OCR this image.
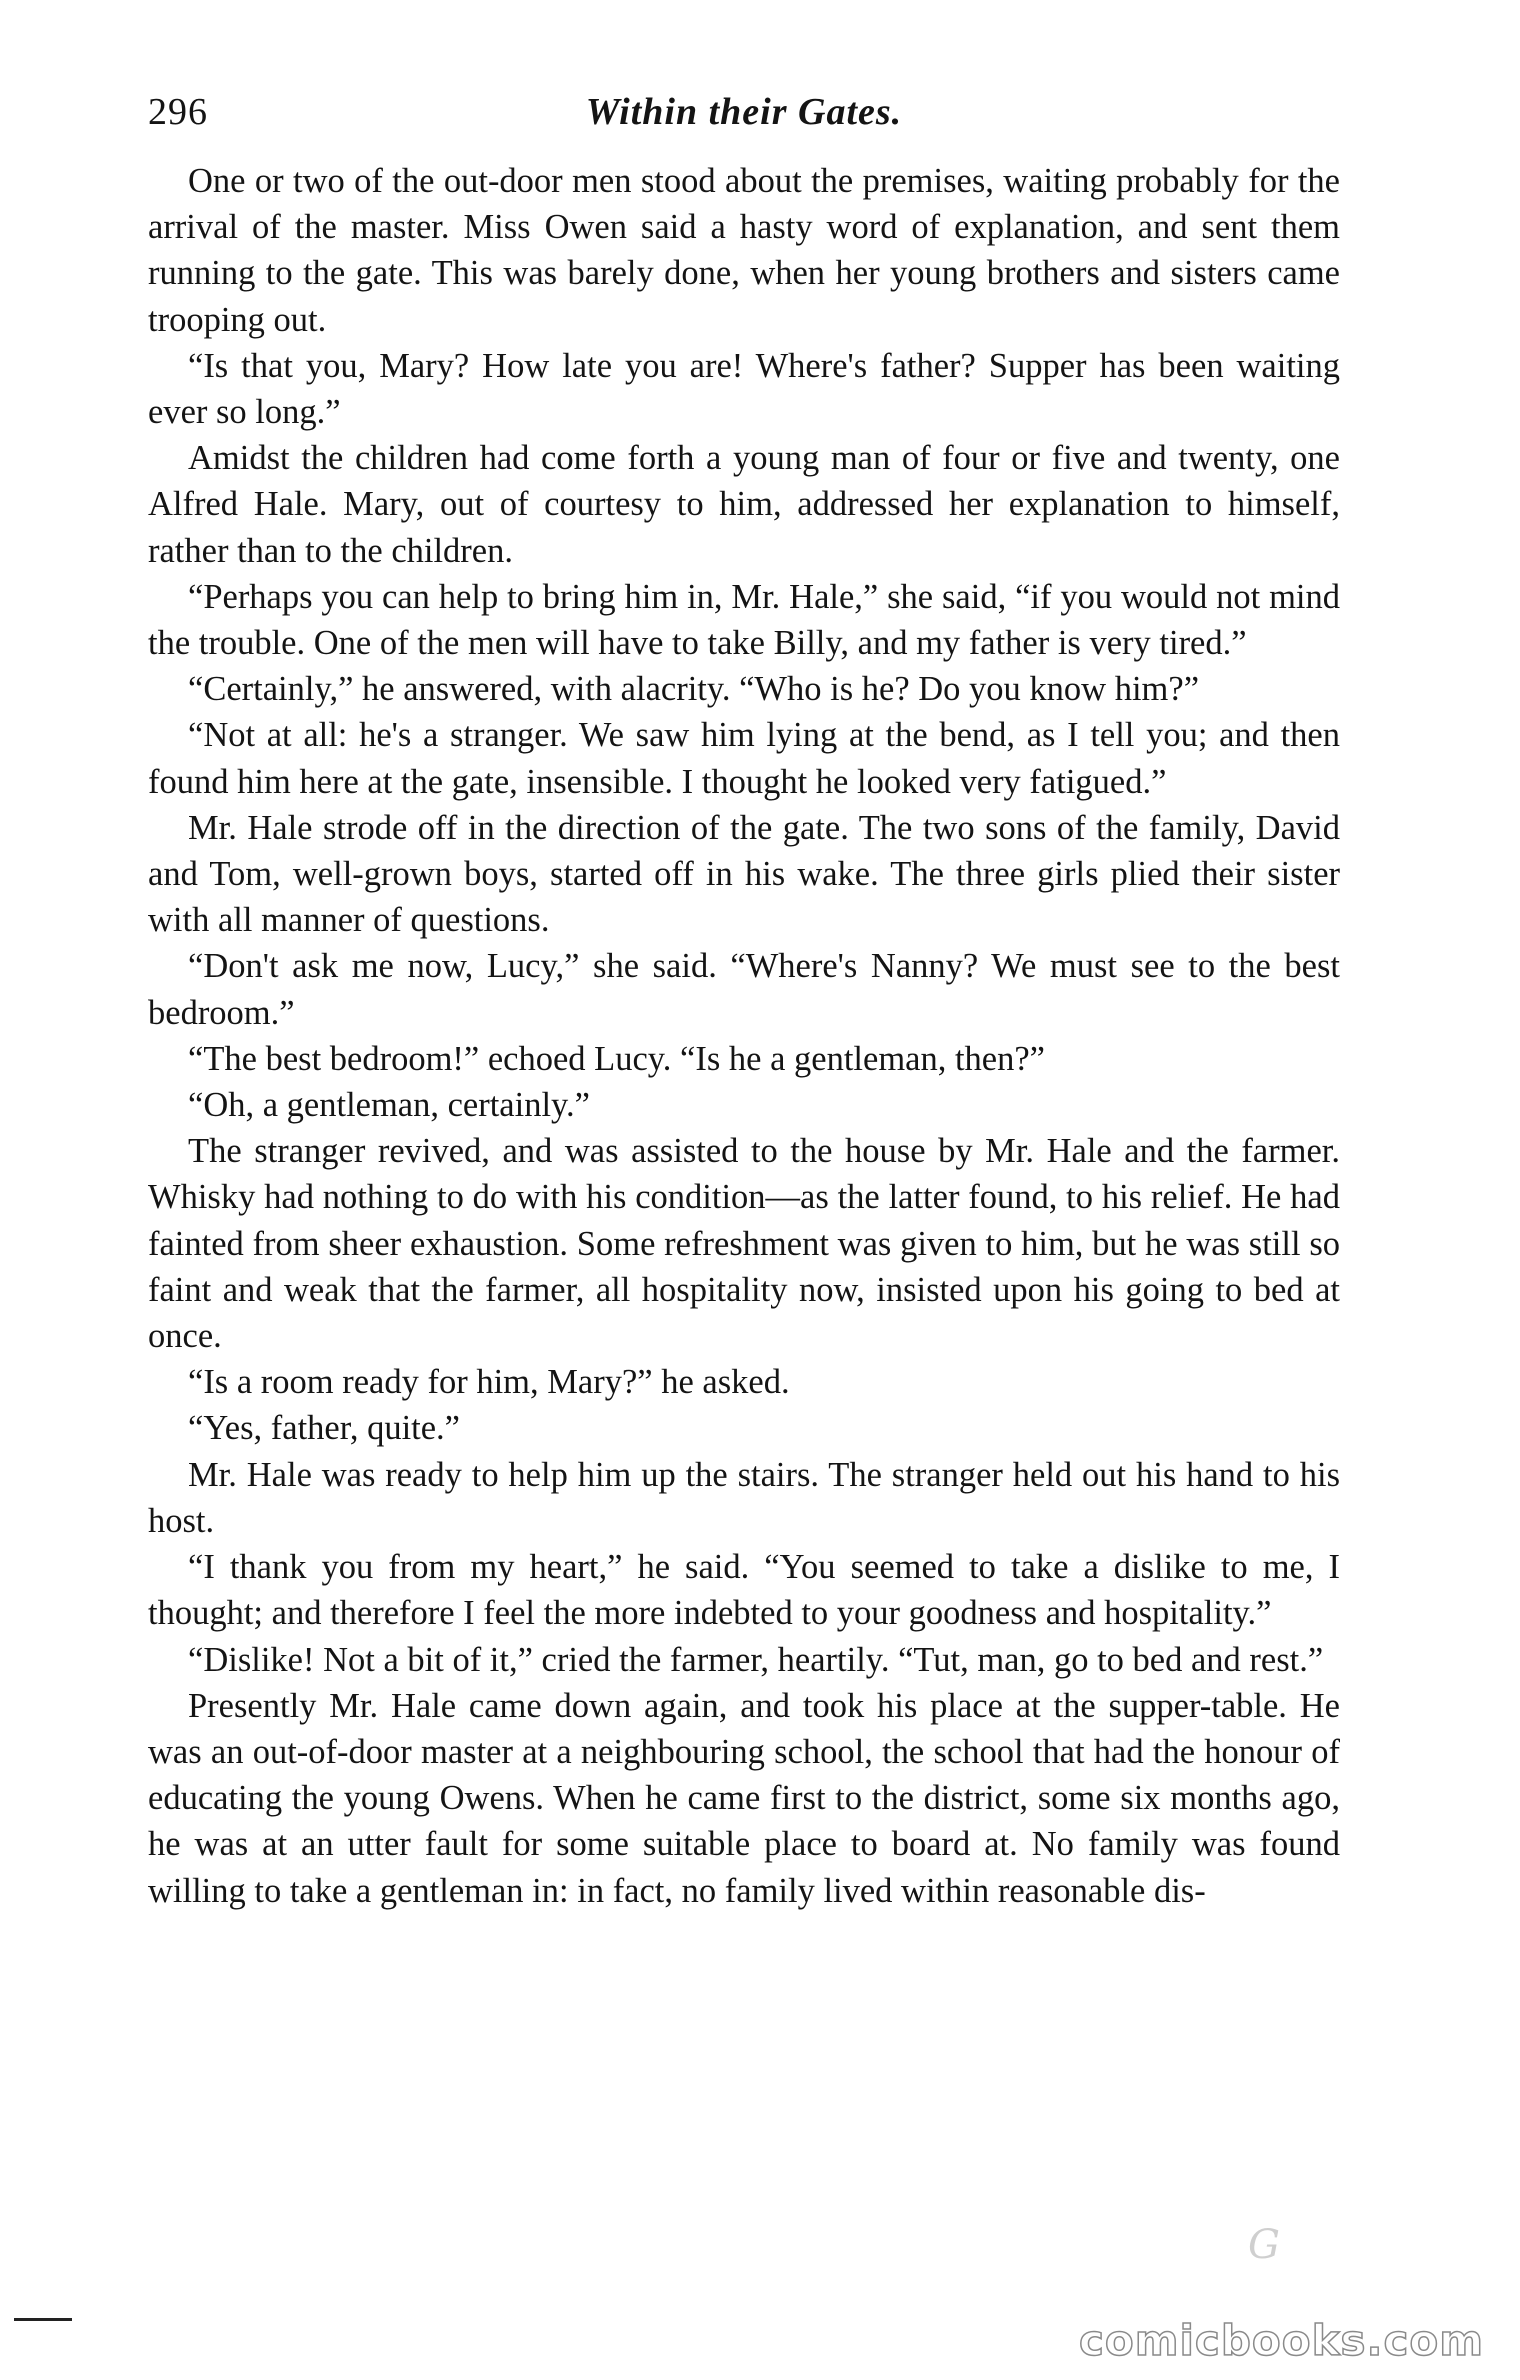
296	Within their Gates.

One or two of the out-door men stood about the premises, waiting probably for the arrival of the master. Miss Owen said a hasty word of explanation, and sent them running to the gate. This was barely done, when her young brothers and sisters came trooping out.

“Is that you, Mary? How late you are! Where's father? Supper has been waiting ever so long.”

Amidst the children had come forth a young man of four or five and twenty, one Alfred Hale. Mary, out of courtesy to him, addressed her explanation to himself, rather than to the children.

“Perhaps you can help to bring him in, Mr. Hale,” she said, “if you would not mind the trouble. One of the men will have to take Billy, and my father is very tired.”

“Certainly,” he answered, with alacrity. “Who is he? Do you know him?”

“Not at all: he's a stranger. We saw him lying at the bend, as I tell you; and then found him here at the gate, insensible. I thought he looked very fatigued.”

Mr. Hale strode off in the direction of the gate. The two sons of the family, David and Tom, well-grown boys, started off in his wake. The three girls plied their sister with all manner of questions.

“Don't ask me now, Lucy,” she said. “Where's Nanny? We must see to the best bedroom.”

“The best bedroom!” echoed Lucy. “Is he a gentleman, then?”

“Oh, a gentleman, certainly.”

The stranger revived, and was assisted to the house by Mr. Hale and the farmer. Whisky had nothing to do with his condition—as the latter found, to his relief. He had fainted from sheer exhaustion. Some refreshment was given to him, but he was still so faint and weak that the farmer, all hospitality now, insisted upon his going to bed at once.

“Is a room ready for him, Mary?” he asked.

“Yes, father, quite.”

Mr. Hale was ready to help him up the stairs. The stranger held out his hand to his host.

“I thank you from my heart,” he said. “You seemed to take a dislike to me, I thought; and therefore I feel the more indebted to your goodness and hospitality.”

“Dislike! Not a bit of it,” cried the farmer, heartily. “Tut, man, go to bed and rest.”

Presently Mr. Hale came down again, and took his place at the supper-table. He was an out-of-door master at a neighbouring school, the school that had the honour of educating the young Owens. When he came first to the district, some six months ago, he was at an utter fault for some suitable place to board at. No family was found willing to take a gentleman in: in fact, no family lived within reasonable dis-

G
comicbooks.com
